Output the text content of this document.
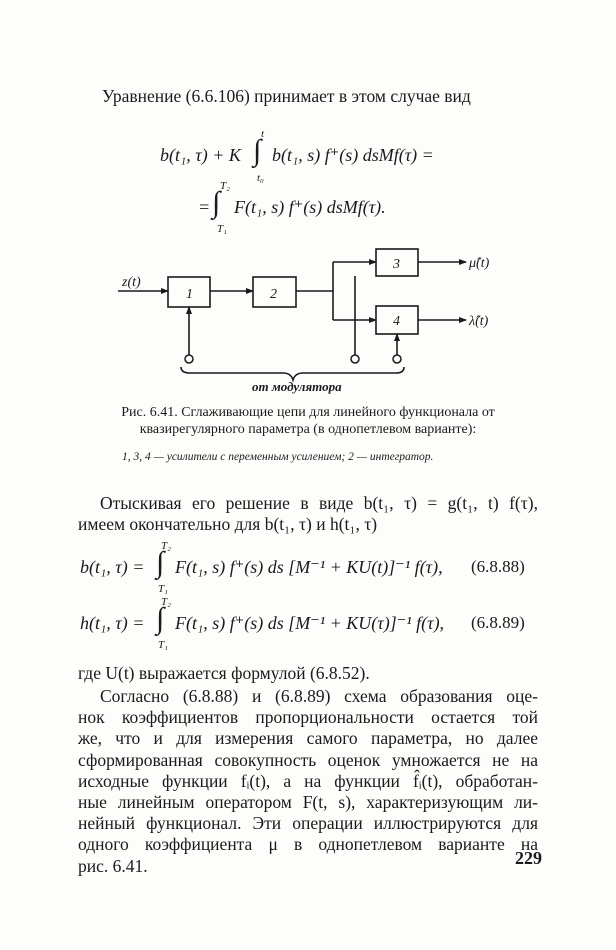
Уравнение (6.6.106) принимает в этом случае вид
b(t₁, τ) + K ∫ t
t₀
b(t₁, s) f⁺(s) dsMf(τ) =
= ∫ T₂
T₁
F(t₁, s) f⁺(s) dsMf(τ).
z(t)
1	2
3
4
μ̂(t)
λ̂(t)
от модулятора
Рис. 6.41. Сглаживающие цепи для линейного функционала от квазирегулярного параметра (в однопетлевом варианте):
1, 3, 4 — усилители с переменным усилением; 2 — интегратор.
Отыскивая его решение в виде b(t₁, τ) = g(t₁, t) f(τ),
имеем окончательно для b(t₁, τ) и h(t₁, τ)
b(t₁, τ) = ∫
T₂
T₁
F(t₁, s) f⁺(s) ds [M⁻¹ + KU(t)]⁻¹ f(τ), (6.8.88)
h(t₁, τ) = ∫
T₂
T₁
F(t₁, s) f⁺(s) ds [M⁻¹ + KU(τ)]⁻¹ f(τ), (6.8.89)
где U(t) выражается формулой (6.8.52).
Согласно (6.8.88) и (6.8.89) схема образования оце-
нок коэффициентов пропорциональности остается той
же, что и для измерения самого параметра, но далее
сформированная совокупность оценок умножается не на
исходные функции fᵢ(t), а на функции f̂ᵢ(t), обработан-
ные линейным оператором F(t, s), характеризующим ли-
нейный функционал. Эти операции иллюстрируются для
одного коэффициента μ в однопетлевом варианте на
рис. 6.41.	229
